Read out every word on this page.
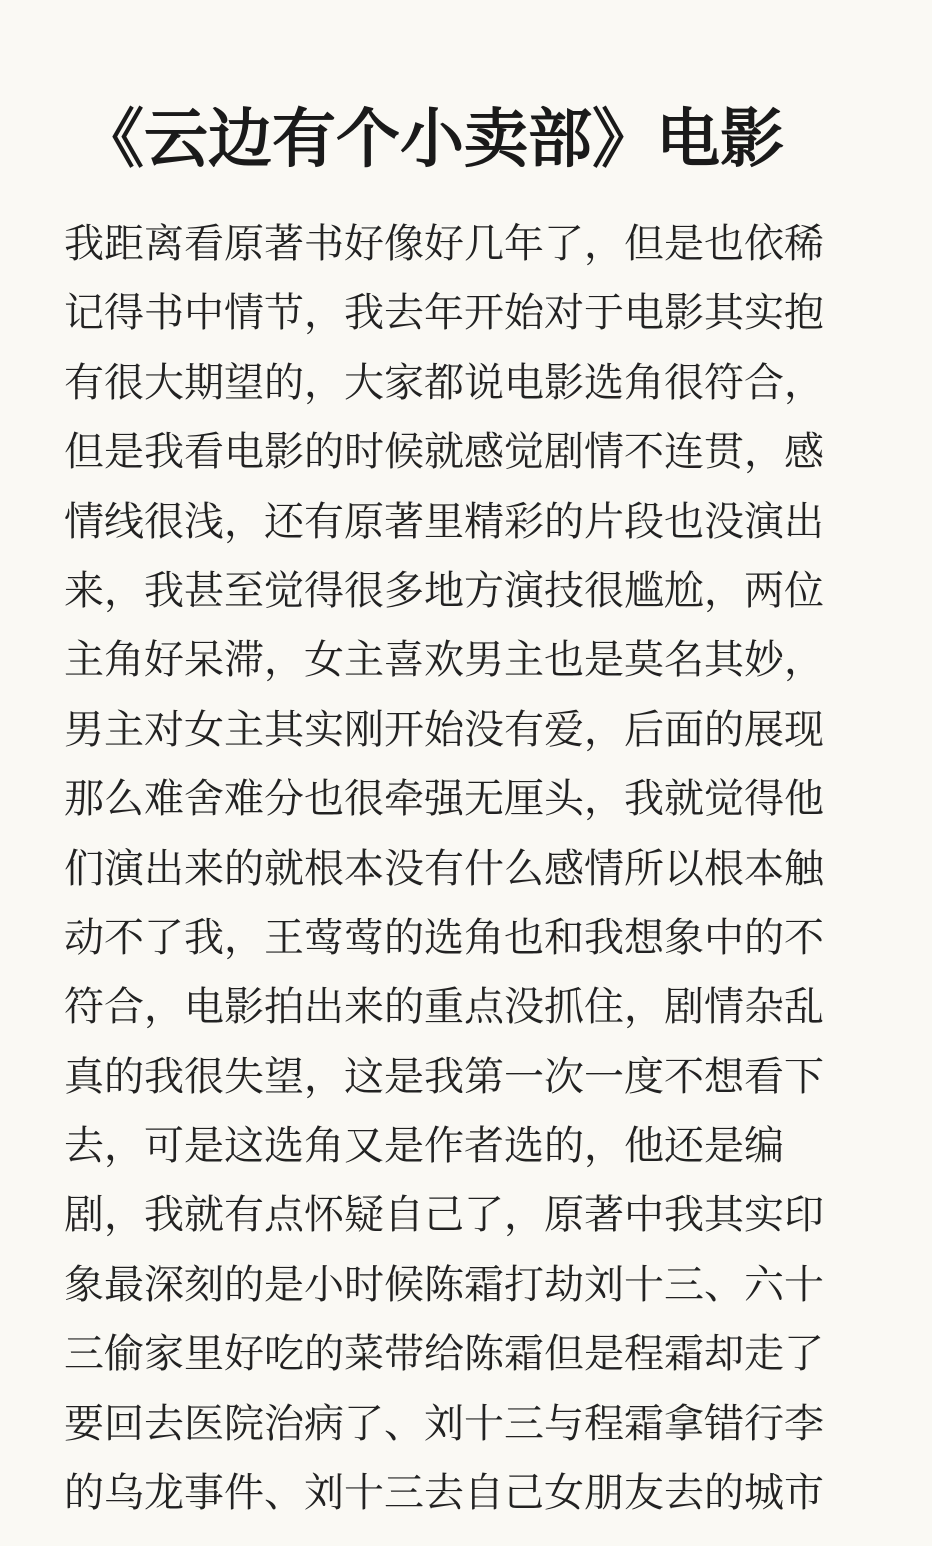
《云边有个小卖部》电影
我距离看原著书好像好几年了，但是也依稀
记得书中情节，我去年开始对于电影其实抱
有很大期望的，大家都说电影选角很符合，
但是我看电影的时候就感觉剧情不连贯，感
情线很浅，还有原著里精彩的片段也没演出
来，我甚至觉得很多地方演技很尴尬，两位
主角好呆滞，女主喜欢男主也是莫名其妙，
男主对女主其实刚开始没有爱，后面的展现
那么难舍难分也很牵强无厘头，我就觉得他
们演出来的就根本没有什么感情所以根本触
动不了我，王莺莺的选角也和我想象中的不
符合，电影拍出来的重点没抓住，剧情杂乱
真的我很失望，这是我第一次一度不想看下
去，可是这选角又是作者选的，他还是编
剧，我就有点怀疑自己了，原著中我其实印
象最深刻的是小时候陈霜打劫刘十三、六十
三偷家里好吃的菜带给陈霜但是程霜却走了
要回去医院治病了、刘十三与程霜拿错行李
的乌龙事件、刘十三去自己女朋友去的城市
